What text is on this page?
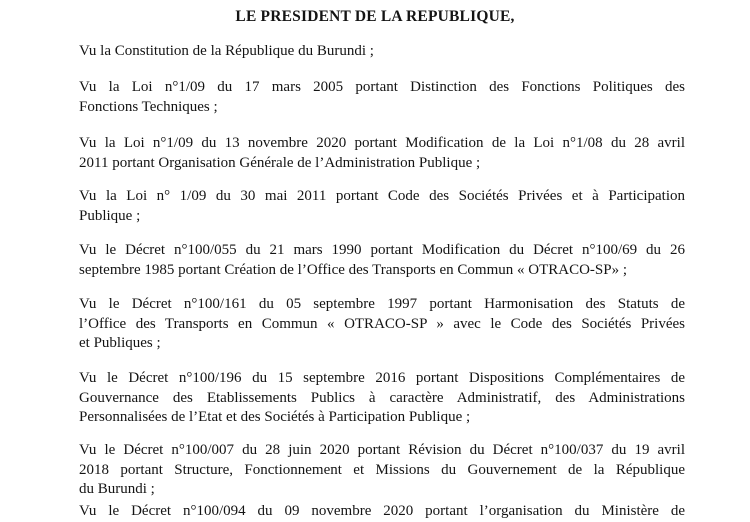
LE PRESIDENT DE LA REPUBLIQUE,

Vu la Constitution de la République du Burundi ;

Vu la Loi n°1/09 du 17 mars 2005 portant Distinction des Fonctions Politiques des
Fonctions Techniques ;

Vu la Loi n°1/09 du 13 novembre 2020 portant Modification de la Loi n°1/08 du 28 avril
2011 portant Organisation Générale de l’Administration Publique ;

Vu la Loi n° 1/09 du 30 mai 2011 portant Code des Sociétés Privées et à Participation
Publique ;

Vu le Décret n°100/055 du 21 mars 1990 portant Modification du Décret n°100/69 du 26
septembre 1985 portant Création de l’Office des Transports en Commun « OTRACO-SP» ;

Vu le Décret n°100/161 du 05 septembre 1997 portant Harmonisation des Statuts de
l’Office des Transports en Commun « OTRACO-SP » avec le Code des Sociétés Privées
et Publiques ;

Vu le Décret n°100/196 du 15 septembre 2016 portant Dispositions Complémentaires de
Gouvernance des Etablissements Publics à caractère Administratif, des Administrations
Personnalisées de l’Etat et des Sociétés à Participation Publique ;

Vu le Décret n°100/007 du 28 juin 2020 portant Révision du Décret n°100/037 du 19 avril
2018 portant Structure, Fonctionnement et Missions du Gouvernement de la République
du Burundi ;

Vu le Décret n°100/094 du 09 novembre 2020 portant l’organisation du Ministère de
